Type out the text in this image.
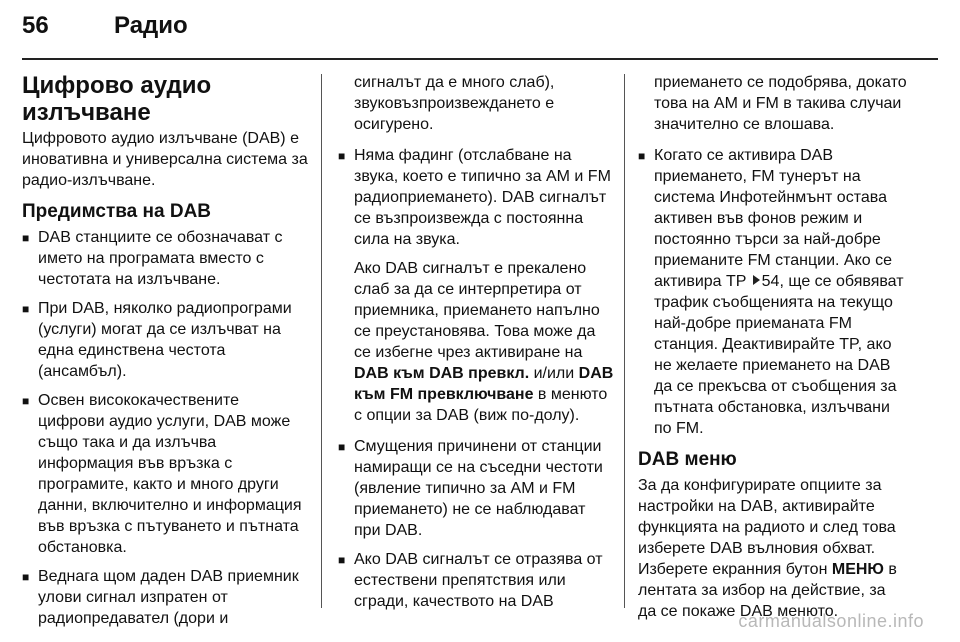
56	Радио
Цифрово аудио излъчване

Цифровото аудио излъчване (DAB) е иновативна и универсална система за радио-излъчване.

Предимства на DAB
■ DAB станциите се обозначават с името на програмата вместо с честотата на излъчване.
■ При DAB, няколко радиопрограми (услуги) могат да се излъчват на една единствена честота (ансамбъл).
■ Освен висококачествените цифрови аудио услуги, DAB може също така и да излъчва информация във връзка с програмите, както и много други данни, включително и информация във връзка с пътуването и пътната обстановка.
■ Веднага щом даден DAB приемник улови сигнал изпратен от радиопредавател (дори и

сигналът да е много слаб), звуковъзпроизвеждането е осигурено.

■ Няма фадинг (отслабване на звука, което е типично за AM и FM радиоприемането). DAB сигналът се възпроизвежда с постоянна сила на звука.

Ако DAB сигналът е прекалено слаб за да се интерпретира от приемника, приемането напълно се преустановява. Това може да се избегне чрез активиране на DAB към DAB превкл. и/или DAB към FM превключване в менюто с опции за DAB (виж по-долу).

■ Смущения причинени от станции намиращи се на съседни честоти (явление типично за AM и FM приемането) не се наблюдават при DAB.
■ Ако DAB сигналът се отразява от естествени препятствия или сгради, качеството на DAB

приемането се подобрява, докато това на AM и FM в такива случаи значително се влошава.

■ Когато се активира DAB приемането, FM тунерът на система Инфотейнмънт остава активен във фонов режим и постоянно търси за най-добре приеманите FM станции. Ако се активира TP 54, ще се обявяват трафик съобщенията на текущо най-добре приеманата FM станция. Деактивирайте TP, ако не желаете приемането на DAB да се прекъсва от съобщения за пътната обстановка, излъчвани по FM.
DAB меню

За да конфигурирате опциите за настройки на DAB, активирайте функцията на радиото и след това изберете DAB вълновия обхват.

Изберете екранния бутон МЕНЮ в лентата за избор на действие, за да се покаже DAB менюто.

carmanualsonline.info
